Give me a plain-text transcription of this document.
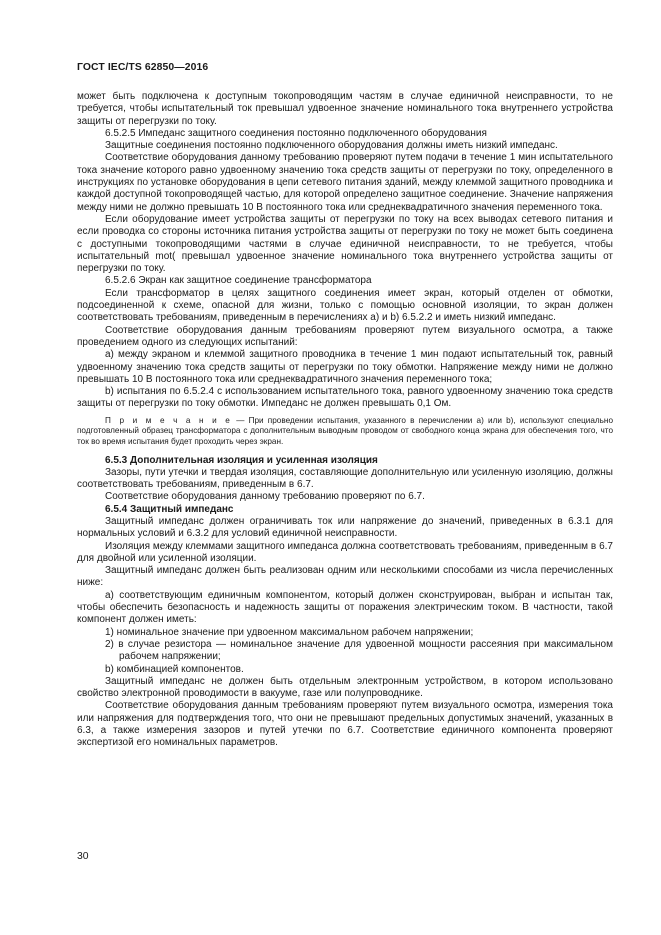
ГОСТ IEC/TS 62850—2016

может быть подключена к доступным токопроводящим частям в случае единичной неисправности, то не требуется, чтобы испытательный ток превышал удвоенное значение номинального тока внутреннего устройства защиты от перегрузки по току.

6.5.2.5 Импеданс защитного соединения постоянно подключенного оборудования

Защитные соединения постоянно подключенного оборудования должны иметь низкий импеданс.

Соответствие оборудования данному требованию проверяют путем подачи в течение 1 мин испытательного тока значение которого равно удвоенному значению тока средств защиты от перегрузки по току, определенного в инструкциях по установке оборудования в цепи сетевого питания зданий, между клеммой защитного проводника и каждой доступной токопроводящей частью, для которой определено защитное соединение. Значение напряжения между ними не должно превышать 10 В постоянного тока или среднеквадратичного значения переменного тока.

Если оборудование имеет устройства защиты от перегрузки по току на всех выводах сетевого питания и если проводка со стороны источника питания устройства защиты от перегрузки по току не может быть соединена с доступными токопроводящими частями в случае единичной неисправности, то не требуется, чтобы испытательный mot( превышал удвоенное значение номинального тока внутреннего устройства защиты от перегрузки по току.

6.5.2.6 Экран как защитное соединение трансформатора

Если трансформатор в целях защитного соединения имеет экран, который отделен от обмотки, подсоединенной к схеме, опасной для жизни, только с помощью основной изоляции, то экран должен соответствовать требованиям, приведенным в перечислениях а) и b) 6.5.2.2 и иметь низкий импеданс.

Соответствие оборудования данным требованиям проверяют путем визуального осмотра, а также проведением одного из следующих испытаний:

а) между экраном и клеммой защитного проводника в течение 1 мин подают испытательный ток, равный удвоенному значению тока средств защиты от перегрузки по току обмотки. Напряжение между ними не должно превышать 10 В постоянного тока или среднеквадратичного значения переменного тока;

b) испытания по 6.5.2.4 с использованием испытательного тока, равного удвоенному значению тока средств защиты от перегрузки по току обмотки. Импеданс не должен превышать 0,1 Ом.

П р и м е ч а н и е — При проведении испытания, указанного в перечислении а) или b), используют специально подготовленный образец трансформатора с дополнительным выводным проводом от свободного конца экрана для обеспечения того, что ток во время испытания будет проходить через экран.

6.5.3 Дополнительная изоляция и усиленная изоляция

Зазоры, пути утечки и твердая изоляция, составляющие дополнительную или усиленную изоляцию, должны соответствовать требованиям, приведенным в 6.7.

Соответствие оборудования данному требованию проверяют по 6.7.

6.5.4 Защитный импеданс

Защитный импеданс должен ограничивать ток или напряжение до значений, приведенных в 6.3.1 для нормальных условий и 6.3.2 для условий единичной неисправности.

Изоляция между клеммами защитного импеданса должна соответствовать требованиям, приведенным в 6.7 для двойной или усиленной изоляции.

Защитный импеданс должен быть реализован одним или несколькими способами из числа перечисленных ниже:

а) соответствующим единичным компонентом, который должен сконструирован, выбран и испытан так, чтобы обеспечить безопасность и надежность защиты от поражения электрическим током. В частности, такой компонент должен иметь:

1) номинальное значение при удвоенном максимальном рабочем напряжении;

2) в случае резистора — номинальное значение для удвоенной мощности рассеяния при максимальном рабочем напряжении;

b) комбинацией компонентов.

Защитный импеданс не должен быть отдельным электронным устройством, в котором использовано свойство электронной проводимости в вакууме, газе или полупроводнике.

Соответствие оборудования данным требованиям проверяют путем визуального осмотра, измерения тока или напряжения для подтверждения того, что они не превышают предельных допустимых значений, указанных в 6.3, а также измерения зазоров и путей утечки по 6.7. Соответствие единичного компонента проверяют экспертизой его номинальных параметров.

30
